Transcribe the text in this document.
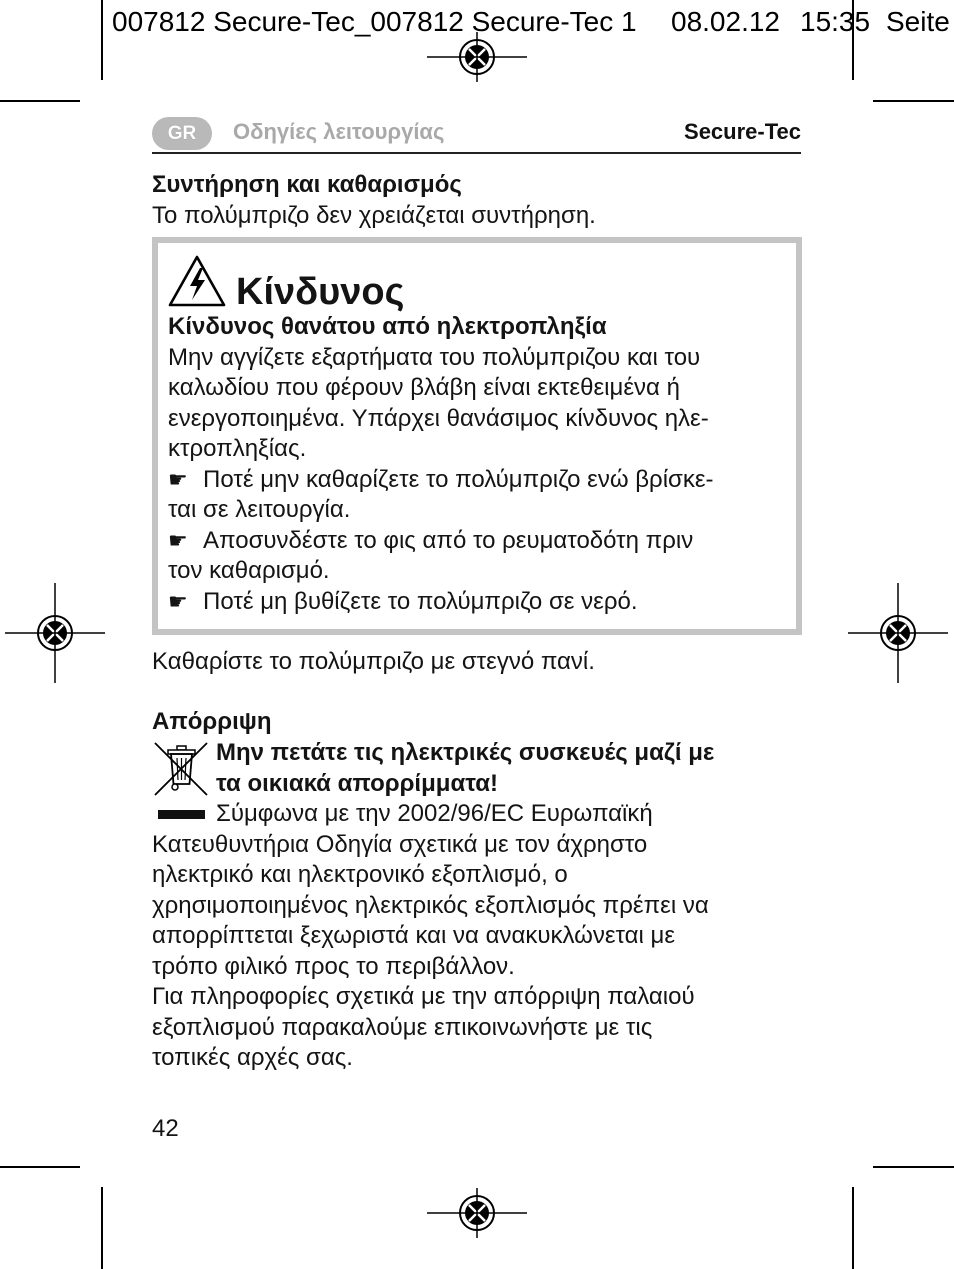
007812 Secure-Tec_007812 Secure-Tec 1 08.02.12 15:35 Seite
GR	Οδηγίες λειτουργίας	Secure-Tec
Συντήρηση και καθαρισμός
Το πολύμπριζο δεν χρειάζεται συντήρηση.
Κίνδυνος
Κίνδυνος θανάτου από ηλεκτροπληξία
Μην αγγίζετε εξαρτήματα του πολύμπριζου και του
καλωδίου που φέρουν βλάβη είναι εκτεθειμένα ή
ενεργοποιημένα. Υπάρχει θανάσιμος κίνδυνος ηλε-
κτροπληξίας.
☛ Ποτέ μην καθαρίζετε το πολύμπριζο ενώ βρίσκε-
ται σε λειτουργία.
☛ Αποσυνδέστε το φις από το ρευματοδότη πριν
τον καθαρισμό.
☛ Ποτέ μη βυθίζετε το πολύμπριζο σε νερό.
Καθαρίστε το πολύμπριζο με στεγνό πανί.
Απόρριψη
Μην πετάτε τις ηλεκτρικές συσκευές μαζί με
τα οικιακά απορρίμματα!
Σύμφωνα με την 2002/96/EC Ευρωπαϊκή
Κατευθυντήρια Οδηγία σχετικά με τον άχρηστο
ηλεκτρικό και ηλεκτρονικό εξοπλισμό, ο
χρησιμοποιημένος ηλεκτρικός εξοπλισμός πρέπει να
απορρίπτεται ξεχωριστά και να ανακυκλώνεται με
τρόπο φιλικό προς το περιβάλλον.
Για πληροφορίες σχετικά με την απόρριψη παλαιού
εξοπλισμού παρακαλούμε επικοινωνήστε με τις
τοπικές αρχές σας.
42
